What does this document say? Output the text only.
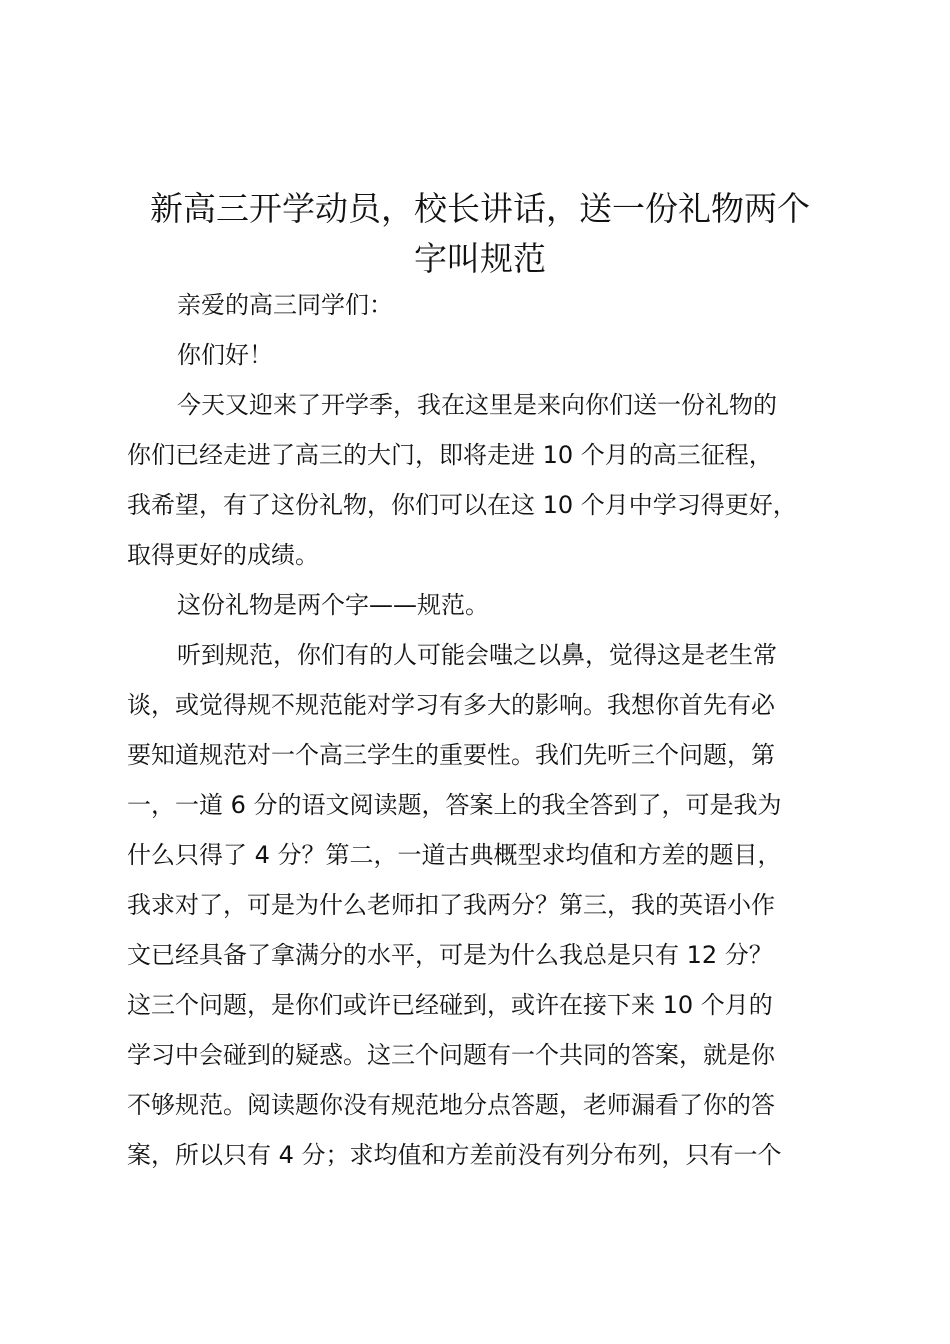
新高三开学动员，校长讲话，送一份礼物两个
字叫规范

亲爱的高三同学们：

你们好！

今天又迎来了开学季，我在这里是来向你们送一份礼物的
你们已经走进了高三的大门，即将走进 10 个月的高三征程，
我希望，有了这份礼物，你们可以在这 10 个月中学习得更好，
取得更好的成绩。

这份礼物是两个字——规范。

听到规范，你们有的人可能会嗤之以鼻，觉得这是老生常
谈，或觉得规不规范能对学习有多大的影响。我想你首先有必
要知道规范对一个高三学生的重要性。我们先听三个问题，第
一，一道 6 分的语文阅读题，答案上的我全答到了，可是我为
什么只得了 4 分？第二，一道古典概型求均值和方差的题目，
我求对了，可是为什么老师扣了我两分？第三，我的英语小作
文已经具备了拿满分的水平，可是为什么我总是只有 12 分？
这三个问题，是你们或许已经碰到，或许在接下来 10 个月的
学习中会碰到的疑惑。这三个问题有一个共同的答案，就是你
不够规范。阅读题你没有规范地分点答题，老师漏看了你的答
案，所以只有 4 分；求均值和方差前没有列分布列，只有一个
